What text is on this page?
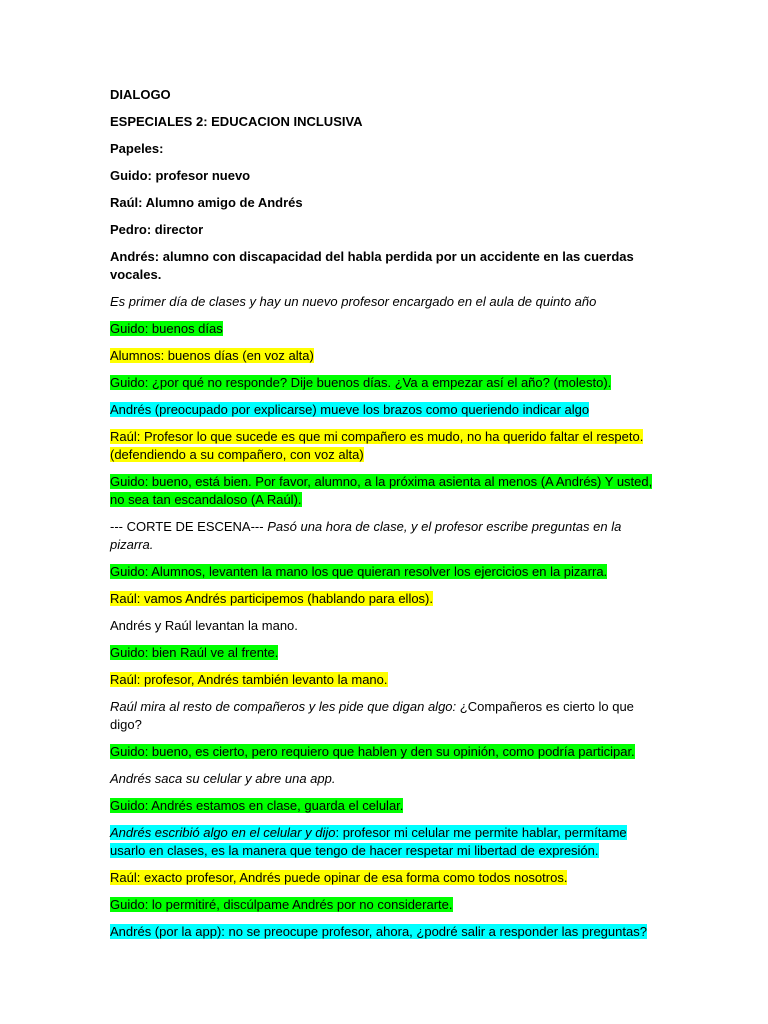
DIALOGO

ESPECIALES 2: EDUCACION INCLUSIVA

Papeles:

Guido: profesor nuevo

Raúl: Alumno amigo de Andrés

Pedro: director

Andrés: alumno con discapacidad del habla perdida por un accidente en las cuerdas vocales.

Es primer día de clases y hay un nuevo profesor encargado en el aula de quinto año

Guido: buenos días

Alumnos: buenos días (en voz alta)

Guido: ¿por qué no responde? Dije buenos días. ¿Va a empezar así el año? (molesto).

Andrés (preocupado por explicarse) mueve los brazos como queriendo indicar algo

Raúl: Profesor lo que sucede es que mi compañero es mudo, no ha querido faltar el respeto. (defendiendo a su compañero, con voz alta)

Guido: bueno, está bien. Por favor, alumno, a la próxima asienta al menos (A Andrés) Y usted, no sea tan escandaloso (A Raúl).

--- CORTE DE ESCENA--- Pasó una hora de clase, y el profesor escribe preguntas en la pizarra.

Guido: Alumnos, levanten la mano los que quieran resolver los ejercicios en la pizarra.

Raúl: vamos Andrés participemos (hablando para ellos).

Andrés y Raúl levantan la mano.

Guido: bien Raúl ve al frente.

Raúl: profesor, Andrés también levanto la mano.

Raúl mira al resto de compañeros y les pide que digan algo: ¿Compañeros es cierto lo que digo?

Guido: bueno, es cierto, pero requiero que hablen y den su opinión, como podría participar.

Andrés saca su celular y abre una app.

Guido: Andrés estamos en clase, guarda el celular.

Andrés escribió algo en el celular y dijo: profesor mi celular me permite hablar, permítame usarlo en clases, es la manera que tengo de hacer respetar mi libertad de expresión.

Raúl: exacto profesor, Andrés puede opinar de esa forma como todos nosotros.

Guido: lo permitiré, discúlpame Andrés por no considerarte.

Andrés (por la app): no se preocupe profesor, ahora, ¿podré salir a responder las preguntas?
